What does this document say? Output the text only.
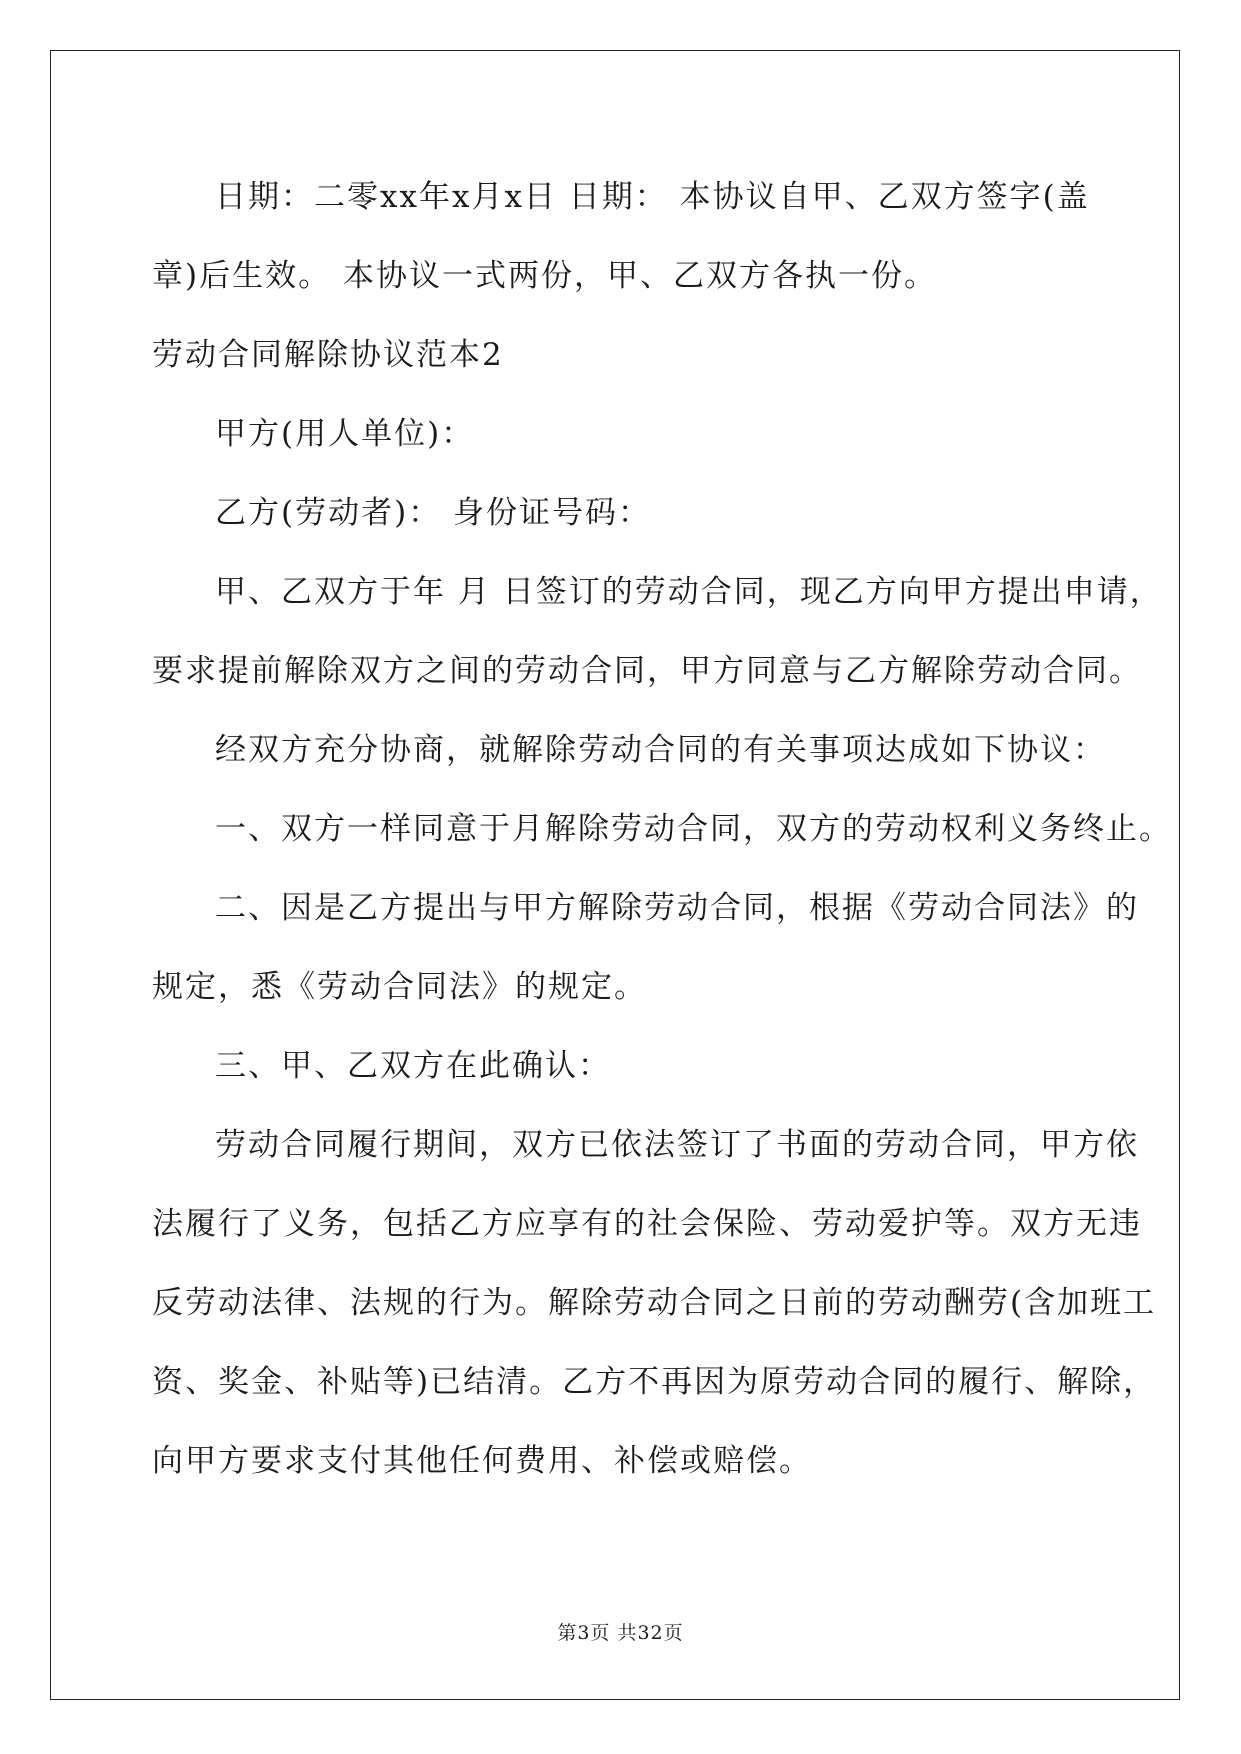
日期：二零xx年x月x日 日期： 本协议自甲、乙双方签字(盖

章)后生效。 本协议一式两份，甲、乙双方各执一份。

劳动合同解除协议范本2

甲方(用人单位)：

乙方(劳动者)： 身份证号码：

甲、乙双方于年 月 日签订的劳动合同，现乙方向甲方提出申请，

要求提前解除双方之间的劳动合同，甲方同意与乙方解除劳动合同。

经双方充分协商，就解除劳动合同的有关事项达成如下协议：

一、双方一样同意于月解除劳动合同，双方的劳动权利义务终止。

二、因是乙方提出与甲方解除劳动合同，根据《劳动合同法》的

规定，悉《劳动合同法》的规定。

三、甲、乙双方在此确认：

劳动合同履行期间，双方已依法签订了书面的劳动合同，甲方依

法履行了义务，包括乙方应享有的社会保险、劳动爱护等。双方无违

反劳动法律、法规的行为。解除劳动合同之日前的劳动酬劳(含加班工

资、奖金、补贴等)已结清。乙方不再因为原劳动合同的履行、解除，

向甲方要求支付其他任何费用、补偿或赔偿。

第3页 共32页
